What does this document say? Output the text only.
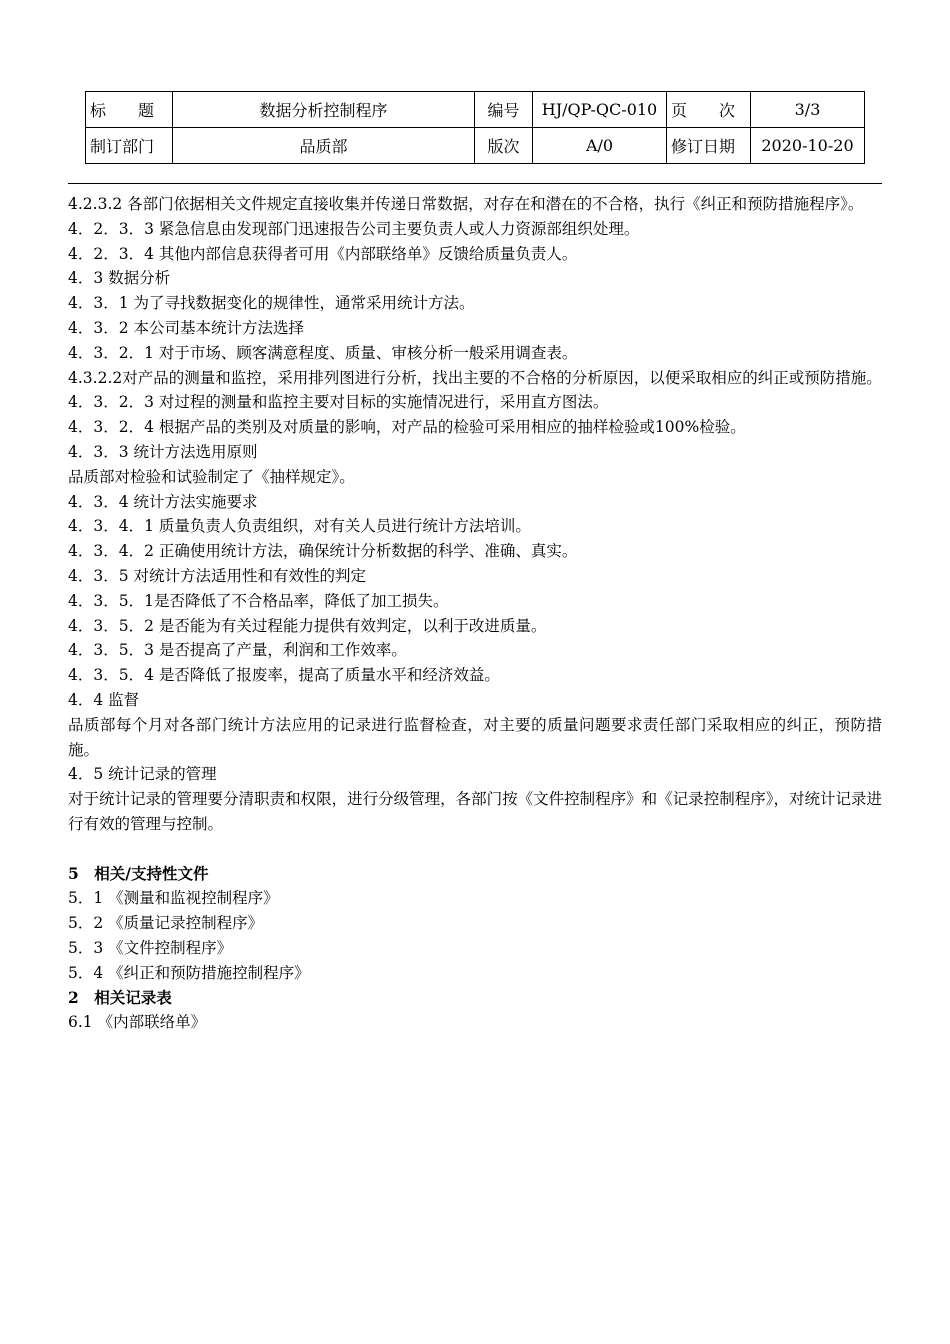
标　　题	数据分析控制程序	编号	HJ/QP-QC-010	页　　次	3/3
制订部门	品质部	版次	A/0	修订日期	2020-10-20

4.2.3.2 各部门依据相关文件规定直接收集并传递日常数据，对存在和潜在的不合格，执行《纠正和预防措施程序》。

4．2．3．3 紧急信息由发现部门迅速报告公司主要负责人或人力资源部组织处理。

4．2．3．4 其他内部信息获得者可用《内部联络单》反馈给质量负责人。

4．3 数据分析

4．3．1 为了寻找数据变化的规律性，通常采用统计方法。

4．3．2 本公司基本统计方法选择

4．3．2．1 对于市场、顾客满意程度、质量、审核分析一般采用调查表。

4.3.2.2对产品的测量和监控，采用排列图进行分析，找出主要的不合格的分析原因，以便采取相应的纠正或预防措施。

4．3．2．3 对过程的测量和监控主要对目标的实施情况进行，采用直方图法。

4．3．2．4 根据产品的类别及对质量的影响，对产品的检验可采用相应的抽样检验或100%检验。

4．3．3 统计方法选用原则

品质部对检验和试验制定了《抽样规定》。

4．3．4 统计方法实施要求

4．3．4．1 质量负责人负责组织，对有关人员进行统计方法培训。

4．3．4．2 正确使用统计方法，确保统计分析数据的科学、准确、真实。

4．3．5 对统计方法适用性和有效性的判定

4．3．5．1是否降低了不合格品率，降低了加工损失。

4．3．5．2 是否能为有关过程能力提供有效判定，以利于改进质量。

4．3．5．3 是否提高了产量，利润和工作效率。

4．3．5．4 是否降低了报废率，提高了质量水平和经济效益。

4．4 监督

品质部每个月对各部门统计方法应用的记录进行监督检查，对主要的质量问题要求责任部门采取相应的纠正，预防措施。

4．5 统计记录的管理

对于统计记录的管理要分清职责和权限，进行分级管理，各部门按《文件控制程序》和《记录控制程序》，对统计记录进行有效的管理与控制。

5　相关/支持性文件

5．1 《测量和监视控制程序》

5．2 《质量记录控制程序》

5．3 《文件控制程序》

5．4 《纠正和预防措施控制程序》

2　相关记录表

6.1 《内部联络单》
